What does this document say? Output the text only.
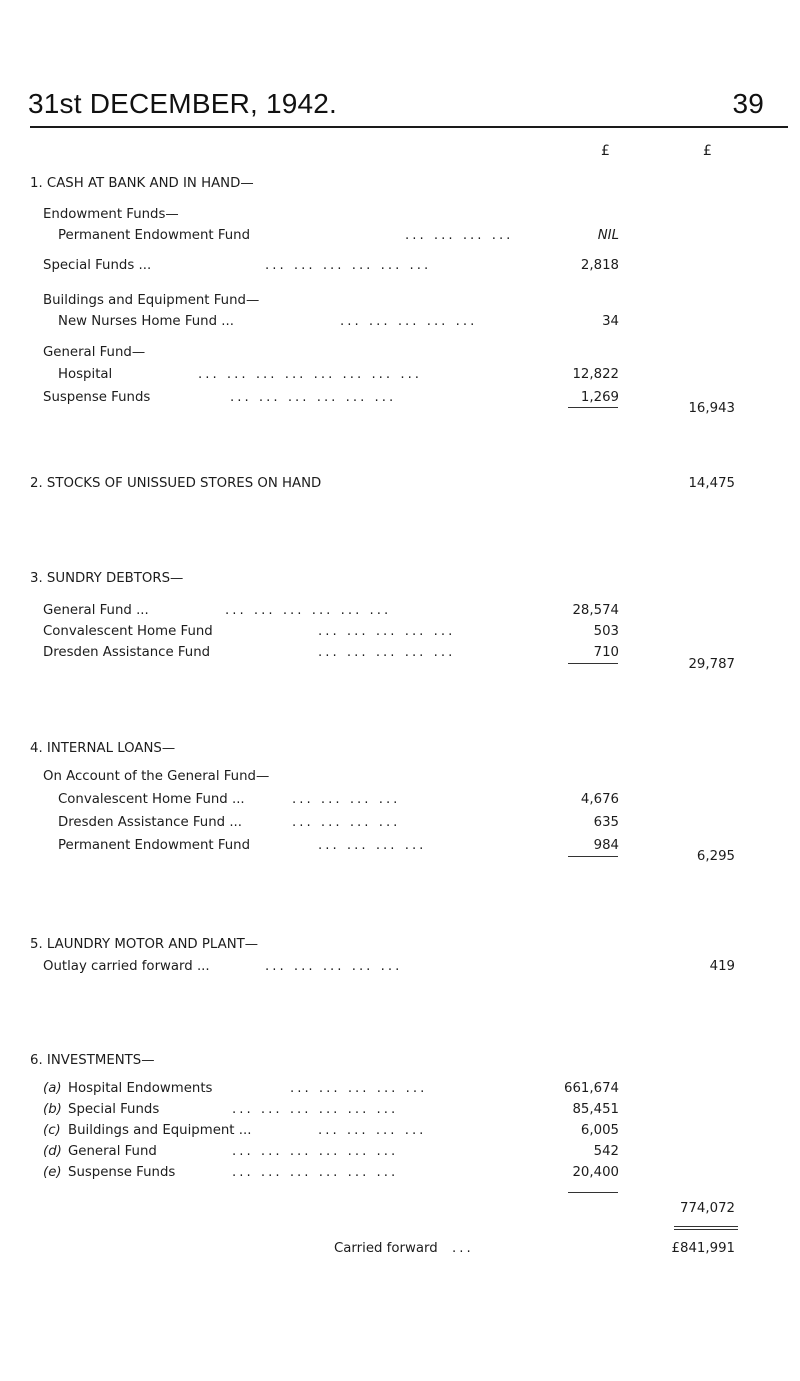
31st DECEMBER, 1942.	39
£	£
1. CASH AT BANK AND IN HAND—
Endowment Funds—
Permanent Endowment Fund	... ... ... ...	NIL
Special Funds ...	... ... ... ... ... ...	2,818
Buildings and Equipment Fund—
New Nurses Home Fund ...	... ... ... ... ...	34
General Fund—
Hospital	... ... ... ... ... ... ... ...	12,822
Suspense Funds	... ... ... ... ... ...	1,269
16,943
2. STOCKS OF UNISSUED STORES ON HAND	14,475
3. SUNDRY DEBTORS—
General Fund ...	... ... ... ... ... ...	28,574
Convalescent Home Fund	... ... ... ... ...	503
Dresden Assistance Fund	... ... ... ... ...	710
29,787
4. INTERNAL LOANS—
On Account of the General Fund—
Convalescent Home Fund ...	... ... ... ...	4,676
Dresden Assistance Fund ...	... ... ... ...	635
Permanent Endowment Fund	... ... ... ...	984
6,295
5. LAUNDRY MOTOR AND PLANT—
Outlay carried forward ...	... ... ... ... ...	419
6. INVESTMENTS—
(a) Hospital Endowments	... ... ... ... ...	661,674
(b) Special Funds	... ... ... ... ... ...	85,451
(c) Buildings and Equipment ...	... ... ... ...	6,005
(d) General Fund	... ... ... ... ... ...	542
(e) Suspense Funds	... ... ... ... ... ...	20,400
774,072
Carried forward ...	£841,991
